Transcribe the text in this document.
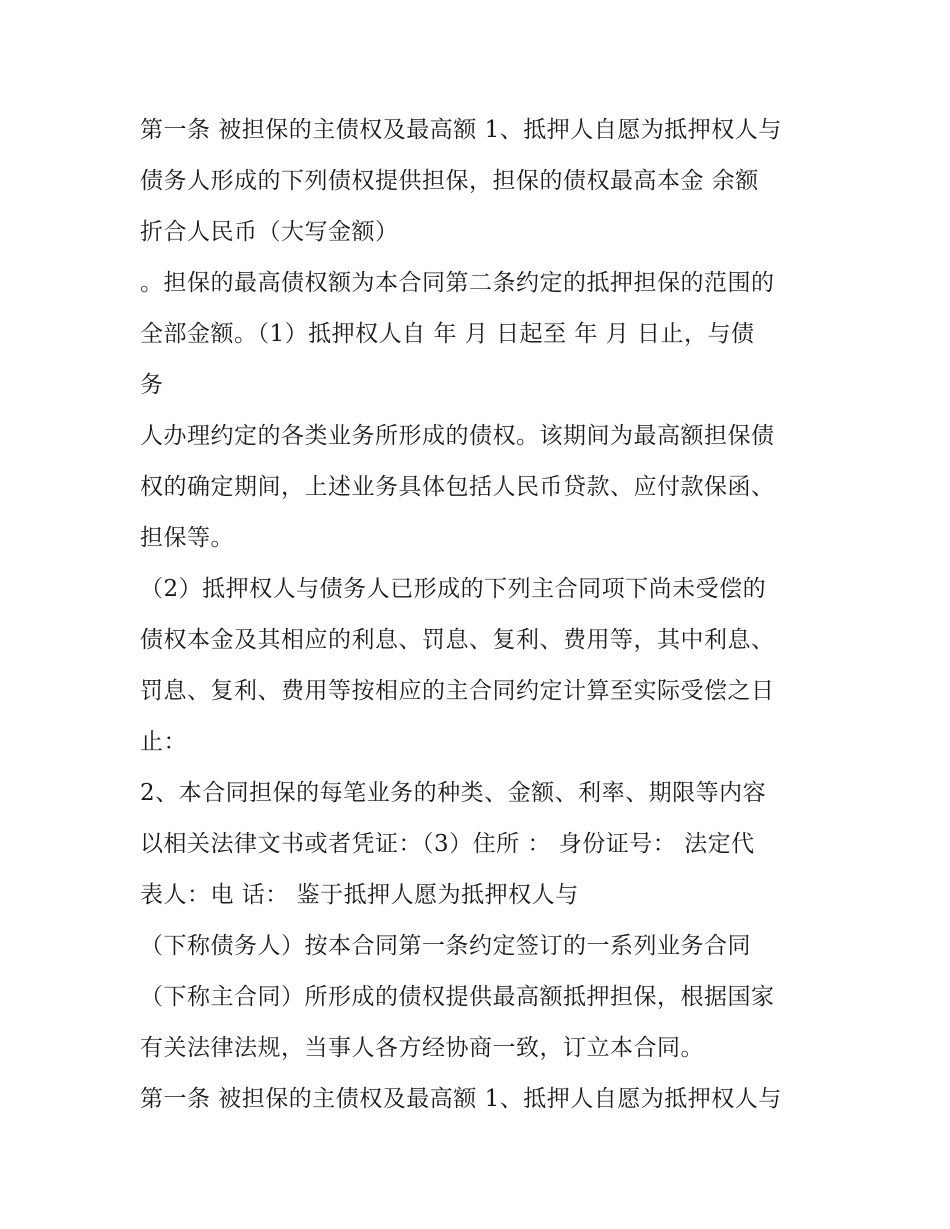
第一条 被担保的主债权及最高额 1、抵押人自愿为抵押权人与
债务人形成的下列债权提供担保，担保的债权最高本金 余额
折合人民币（大写金额）
。担保的最高债权额为本合同第二条约定的抵押担保的范围的
全部金额。（1）抵押权人自 年 月 日起至 年 月 日止，与债
务
人办理约定的各类业务所形成的债权。该期间为最高额担保债
权的确定期间，上述业务具体包括人民币贷款、应付款保函、
担保等。
（2）抵押权人与债务人已形成的下列主合同项下尚未受偿的
债权本金及其相应的利息、罚息、复利、费用等，其中利息、
罚息、复利、费用等按相应的主合同约定计算至实际受偿之日
止：
2、本合同担保的每笔业务的种类、金额、利率、期限等内容
以相关法律文书或者凭证：（3）住所 ： 身份证号： 法定代
表人：电 话： 鉴于抵押人愿为抵押权人与
（下称债务人）按本合同第一条约定签订的一系列业务合同
（下称主合同）所形成的债权提供最高额抵押担保，根据国家
有关法律法规，当事人各方经协商一致，订立本合同。
第一条 被担保的主债权及最高额 1、抵押人自愿为抵押权人与
